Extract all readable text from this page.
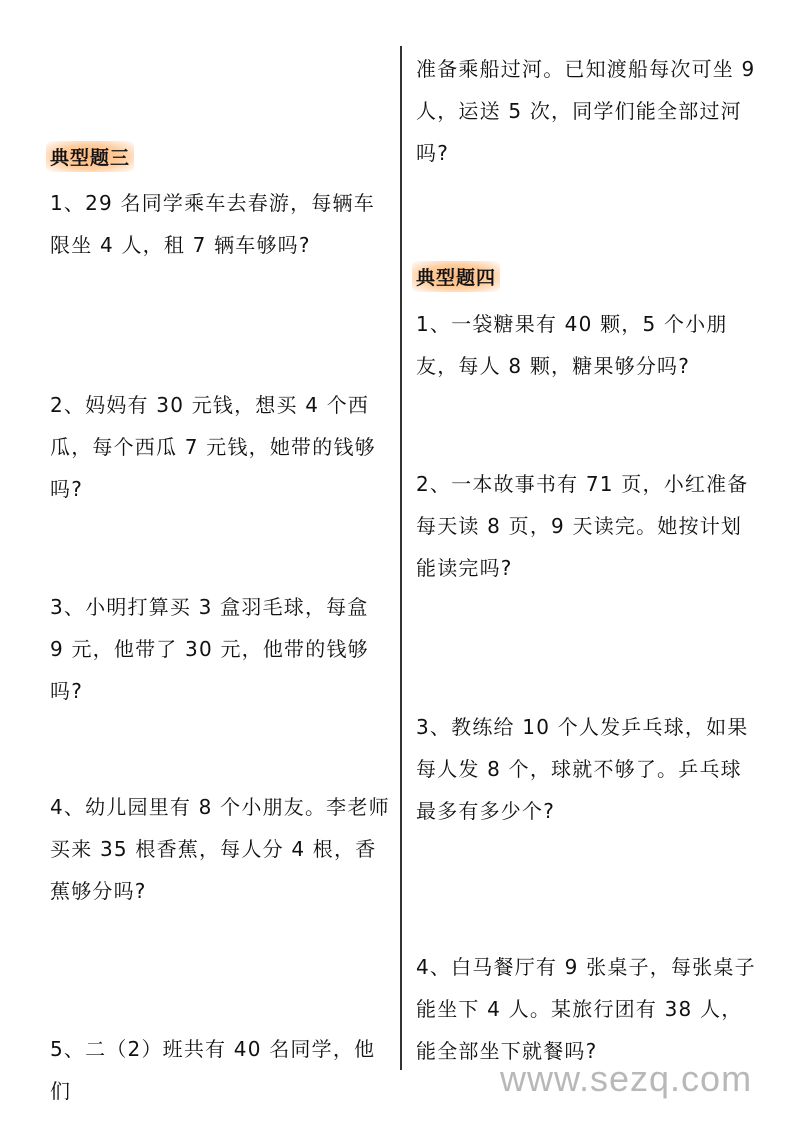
典型题三
1、29 名同学乘车去春游，每辆车限坐 4 人，租 7 辆车够吗?
2、妈妈有 30 元钱，想买 4 个西瓜，每个西瓜 7 元钱，她带的钱够吗?
3、小明打算买 3 盒羽毛球，每盒 9 元，他带了 30 元，他带的钱够吗?
4、幼儿园里有 8 个小朋友。李老师买来 35 根香蕉，每人分 4 根，香蕉够分吗?
5、二（2）班共有 40 名同学，他们
准备乘船过河。已知渡船每次可坐 9 人，运送 5 次，同学们能全部过河吗?
典型题四
1、一袋糖果有 40 颗，5 个小朋友，每人 8 颗，糖果够分吗?
2、一本故事书有 71 页，小红准备每天读 8 页，9 天读完。她按计划能读完吗?
3、教练给 10 个人发乒乓球，如果每人发 8 个，球就不够了。乒乓球最多有多少个?
4、白马餐厅有 9 张桌子，每张桌子能坐下 4 人。某旅行团有 38 人，能全部坐下就餐吗?
www.sezq.com
